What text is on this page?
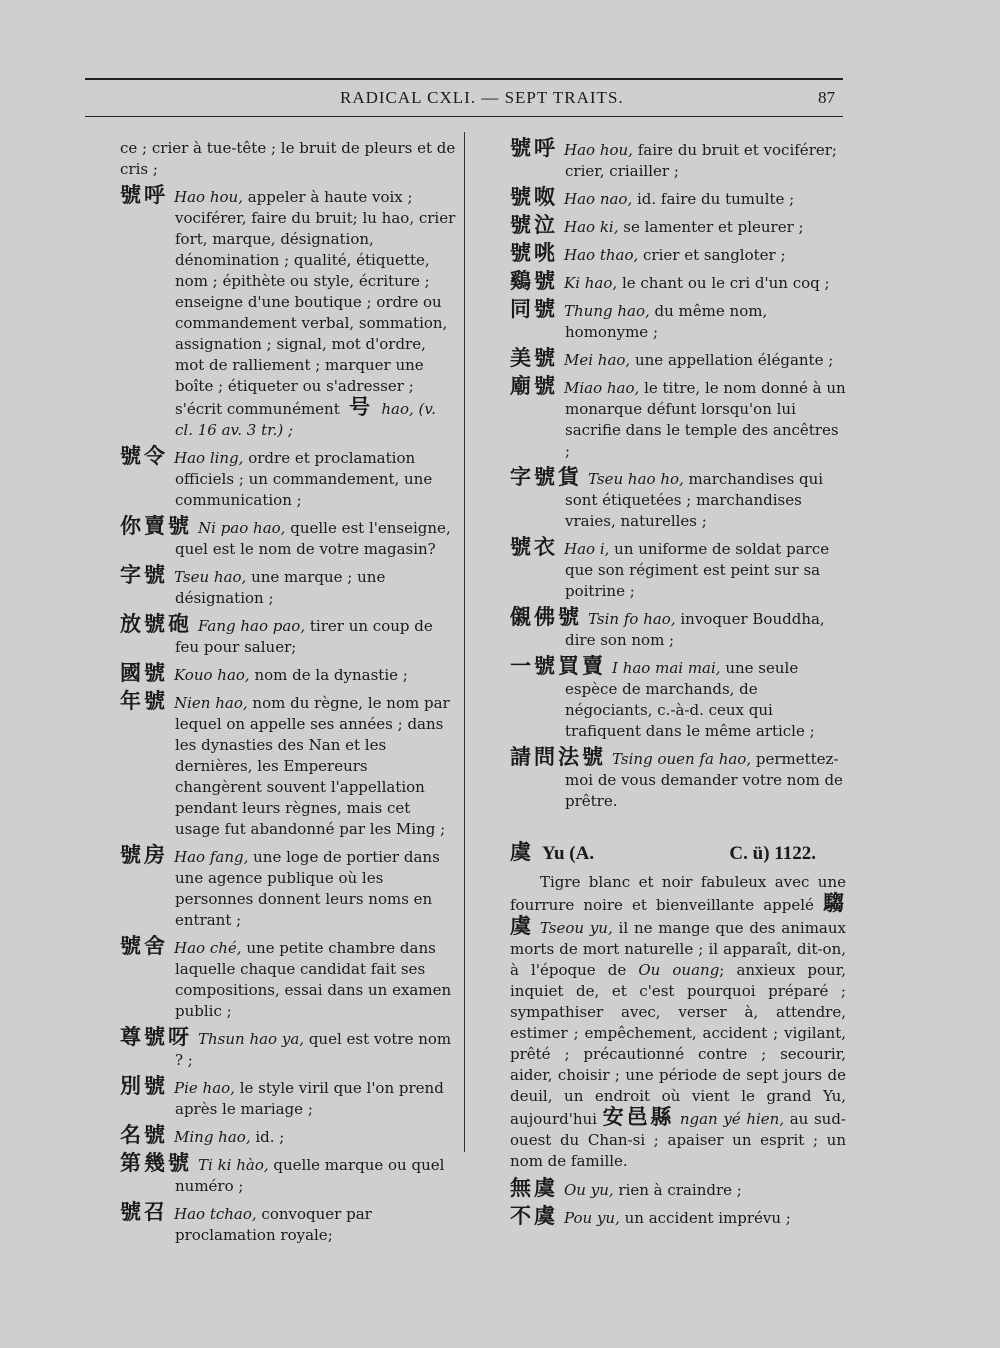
RADICAL CXLI. — SEPT TRAITS.	87
ce ; crier à tue-tête ; le bruit de pleurs et de cris ;
號呼 Hao hou, appeler à haute voix ; vociférer, faire du bruit; lu hao, crier fort, marque, désignation, dénomination ; qualité, étiquette, nom ; épithète ou style, écriture ; enseigne d'une boutique ; ordre ou commandement verbal, sommation, assignation ; signal, mot d'ordre, mot de ralliement ; marquer une boîte ; étiqueter ou s'adresser ; s'écrit communément 号 hao, (v. cl. 16 av. 3 tr.) ;
號令 Hao ling, ordre et proclamation officiels ; un commandement, une communication ;
你賣號 Ni pao hao, quelle est l'enseigne, quel est le nom de votre magasin?
字號 Tseu hao, une marque ; une désignation ;
放號砲 Fang hao pao, tirer un coup de feu pour saluer;
國號 Kouo hao, nom de la dynastie ;
年號 Nien hao, nom du règne, le nom par lequel on appelle ses années ; dans les dynasties des Nan et les dernières, les Empereurs changèrent souvent l'appellation pendant leurs règnes, mais cet usage fut abandonné par les Ming ;
號房 Hao fang, une loge de portier dans une agence publique où les personnes donnent leurs noms en entrant ;
號舍 Hao ché, une petite chambre dans laquelle chaque candidat fait ses compositions, essai dans un examen public ;
尊號呀 Thsun hao ya, quel est votre nom ? ;
別號 Pie hao, le style viril que l'on prend après le mariage ;
名號 Ming hao, id. ;
第幾號 Ti ki hào, quelle marque ou quel numéro ;
號召 Hao tchao, convoquer par proclamation royale;
號呼 Hao hou, faire du bruit et vociférer; crier, criailler ;
號呶 Hao nao, id. faire du tumulte ;
號泣 Hao ki, se lamenter et pleurer ;
號咷 Hao thao, crier et sangloter ;
鷄號 Ki hao, le chant ou le cri d'un coq ;
同號 Thung hao, du même nom, homonyme ;
美號 Mei hao, une appellation élégante ;
廟號 Miao hao, le titre, le nom donné à un monarque défunt lorsqu'on lui sacrifie dans le temple des ancêtres ;
字號貨 Tseu hao ho, marchandises qui sont étiquetées ; marchandises vraies, naturelles ;
號衣 Hao i, un uniforme de soldat parce que son régiment est peint sur sa poitrine ;
儭佛號 Tsin fo hao, invoquer Bouddha, dire son nom ;
一號買賣 I hao mai mai, une seule espèce de marchands, de négociants, c.-à-d. ceux qui trafiquent dans le même article ;
請問法號 Tsing ouen fa hao, permettez-moi de vous demander votre nom de prêtre.
虞 Yu (A.	C. ü) 1122.
Tigre blanc et noir fabuleux avec une fourrure noire et bienveillante appelé 騶虞 Tseou yu, il ne mange que des animaux morts de mort naturelle ; il apparaît, dit-on, à l'époque de Ou ouang; anxieux pour, inquiet de, et c'est pourquoi préparé ; sympathiser avec, verser à, attendre, estimer ; empêchement, accident ; vigilant, prêté ; précautionné contre ; secourir, aider, choisir ; une période de sept jours de deuil, un endroit où vient le grand Yu, aujourd'hui 安邑縣 ngan yé hien, au sud-ouest du Chan-si ; apaiser un esprit ; un nom de famille.
無虞 Ou yu, rien à craindre ;
不虞 Pou yu, un accident imprévu ;
